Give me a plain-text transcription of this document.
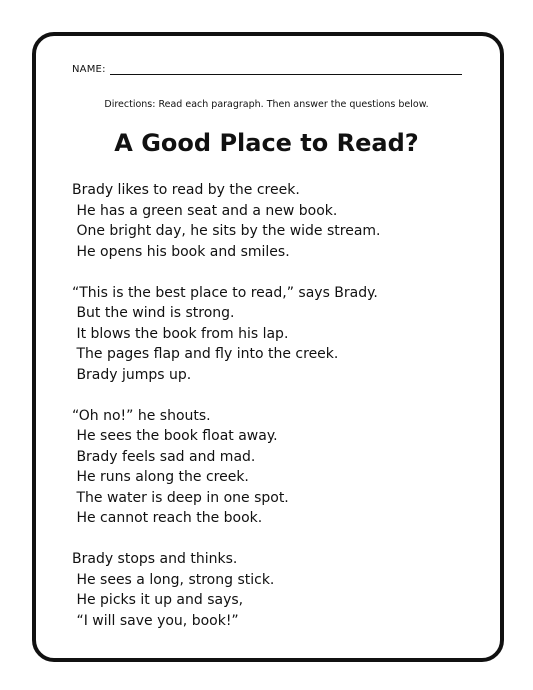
NAME:
Directions: Read each paragraph. Then answer the questions below.
A Good Place to Read?
Brady likes to read by the creek.
He has a green seat and a new book.
One bright day, he sits by the wide stream.
He opens his book and smiles.
“This is the best place to read,” says Brady.
But the wind is strong.
It blows the book from his lap.
The pages flap and fly into the creek.
Brady jumps up.
“Oh no!” he shouts.
He sees the book float away.
Brady feels sad and mad.
He runs along the creek.
The water is deep in one spot.
He cannot reach the book.
Brady stops and thinks.
He sees a long, strong stick.
He picks it up and says,
“I will save you, book!”
